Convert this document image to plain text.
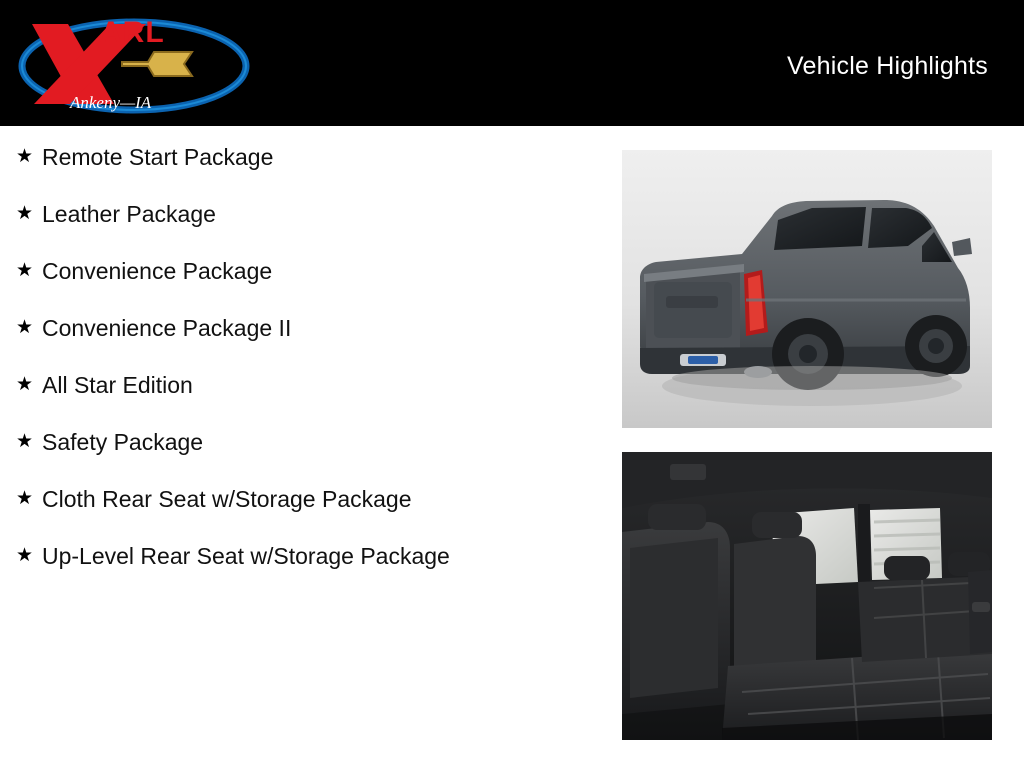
ARL
Ankeny—IA
Vehicle Highlights
★ Remote Start Package
★ Leather Package
★ Convenience Package
★ Convenience Package II
★ All Star Edition
★ Safety Package
★ Cloth Rear Seat w/Storage Package
★ Up-Level Rear Seat w/Storage Package
